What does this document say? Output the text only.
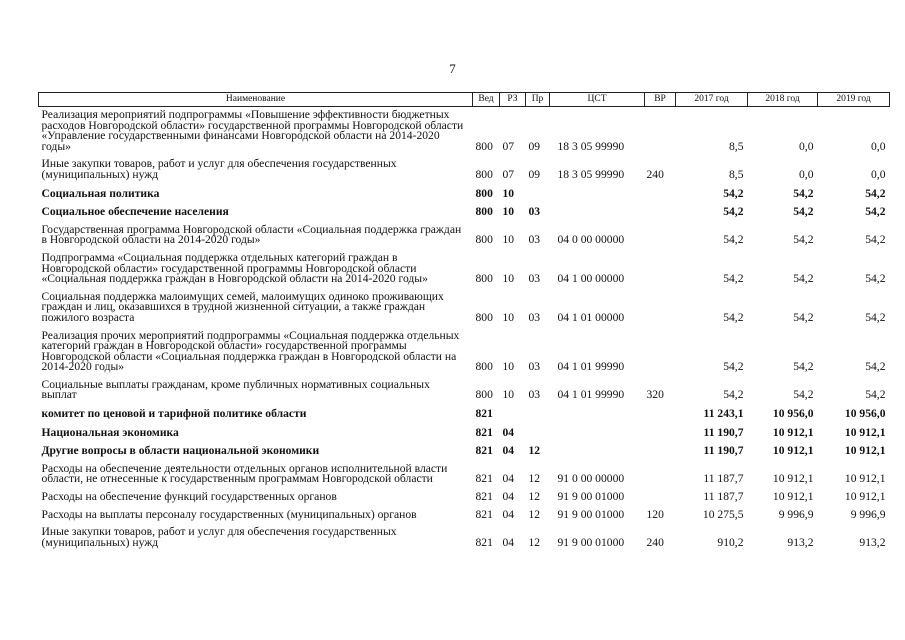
7
Наименование	Вед	РЗ	Пр	ЦСТ	ВР	2017 год	2018 год	2019 год
Реализация мероприятий подпрограммы «Повышение эффективности бюджетных расходов Новгородской области» государственной программы Новгородской области «Управление государственными финансами Новгородской области на 2014-2020 годы»	800	07	09	18 3 05 99990		8,5	0,0	0,0
Иные закупки товаров, работ и услуг для обеспечения государственных (муниципальных) нужд	800	07	09	18 3 05 99990	240	8,5	0,0	0,0
Социальная политика	800	10				54,2	54,2	54,2
Социальное обеспечение населения	800	10	03			54,2	54,2	54,2
Государственная программа Новгородской области «Социальная поддержка граждан в Новгородской области на 2014-2020 годы»	800	10	03	04 0 00 00000		54,2	54,2	54,2
Подпрограмма «Социальная поддержка отдельных категорий граждан в Новгородской области» государственной программы Новгородской области «Социальная поддержка граждан в Новгородской области на 2014-2020 годы»	800	10	03	04 1 00 00000		54,2	54,2	54,2
Социальная поддержка малоимущих семей, малоимущих одиноко проживающих граждан и лиц, оказавшихся в трудной жизненной ситуации, а также граждан пожилого возраста	800	10	03	04 1 01 00000		54,2	54,2	54,2
Реализация прочих мероприятий подпрограммы «Социальная поддержка отдельных категорий граждан в Новгородской области» государственной программы Новгородской области «Социальная поддержка граждан в Новгородской области на 2014-2020 годы»	800	10	03	04 1 01 99990		54,2	54,2	54,2
Социальные выплаты гражданам, кроме публичных нормативных социальных выплат	800	10	03	04 1 01 99990	320	54,2	54,2	54,2
комитет по ценовой и тарифной политике области	821					11 243,1	10 956,0	10 956,0
Национальная экономика	821	04				11 190,7	10 912,1	10 912,1
Другие вопросы в области национальной экономики	821	04	12			11 190,7	10 912,1	10 912,1
Расходы на обеспечение деятельности отдельных органов исполнительной власти области, не отнесенные к государственным программам Новгородской области	821	04	12	91 0 00 00000		11 187,7	10 912,1	10 912,1
Расходы на обеспечение функций государственных органов	821	04	12	91 9 00 01000		11 187,7	10 912,1	10 912,1
Расходы на выплаты персоналу государственных (муниципальных) органов	821	04	12	91 9 00 01000	120	10 275,5	9 996,9	9 996,9
Иные закупки товаров, работ и услуг для обеспечения государственных (муниципальных) нужд	821	04	12	91 9 00 01000	240	910,2	913,2	913,2
